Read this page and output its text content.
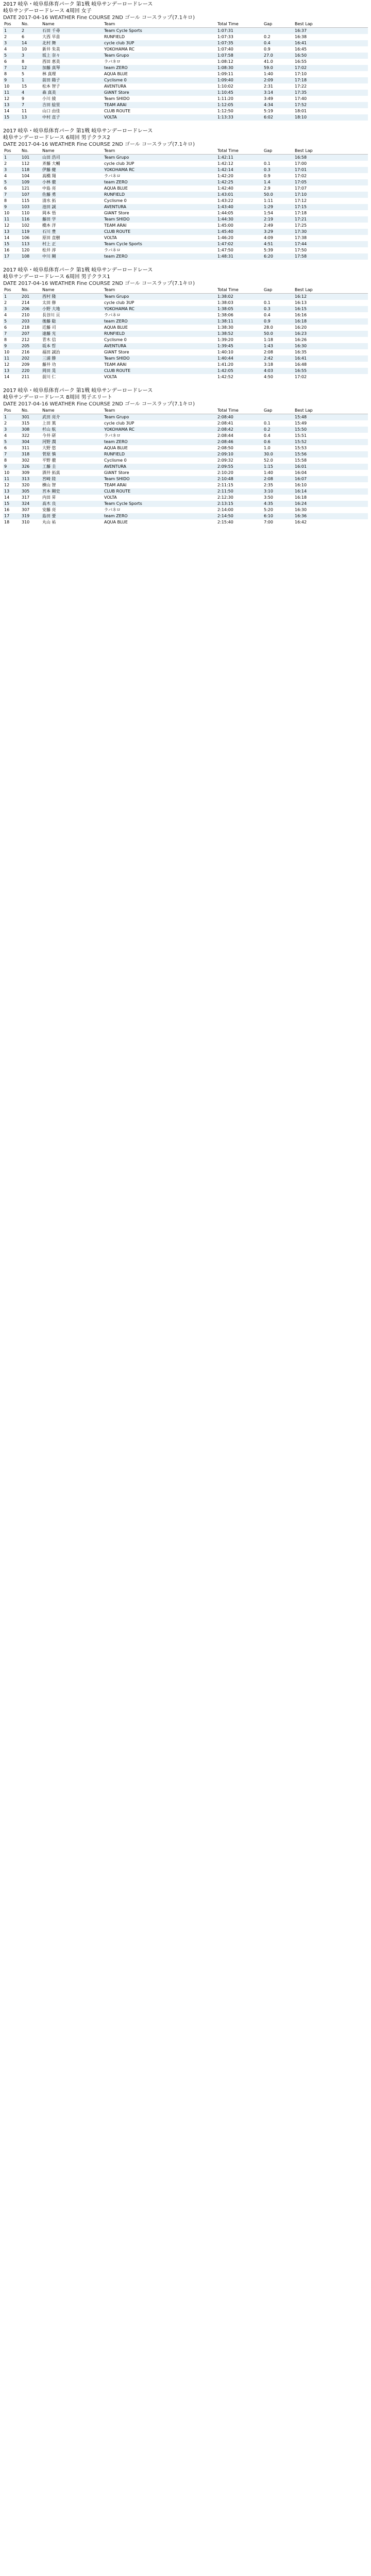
2017 岐阜・岐阜県体育パーク 第1戦 岐阜サンデーロードレース
岐阜サンデーロードレース 4周回 女子
DATE 2017-04-16 WEATHER Fine COURSE 2ND ゴール コースラップ(7.1キロ)
Pos	No.	Name	Team	Total Time	Gap	Best Lap
1	2	石田 千尋	Team Cycle Sports	1:07:31		16:37
2	6	大西 早苗	RUNFIELD	1:07:33	0.2	16:38
3	14	北村 舞	cycle club 3UP	1:07:35	0.4	16:41
4	10	新井 朱美	YOKOHAMA RC	1:07:40	0.9	16:45
5	3	坂上 奈々	Team Grupo	1:07:58	27.0	16:50
6	8	西田 恵美	ラバネロ	1:08:12	41.0	16:55
7	12	加藤 真琴	team ZERO	1:08:30	59.0	17:02
8	5	林 真理	AQUA BLUE	1:09:11	1:40	17:10
9	1	前田 陽子	Cyclisme 0	1:09:40	2:09	17:18
10	15	松本 智子	AVENTURA	1:10:02	2:31	17:22
11	4	森 真美	GIANT Store	1:10:45	3:14	17:35
12	9	小川 綾	Team SHIDO	1:11:20	3:49	17:40
13	7	吉田 絵里	TEAM ARAI	1:12:05	4:34	17:52
14	11	山口 由佳	CLUB ROUTE	1:12:50	5:19	18:01
15	13	中村 直子	VOLTA	1:13:33	6:02	18:10
2017 岐阜・岐阜県体育パーク 第1戦 岐阜サンデーロードレース
岐阜サンデーロードレース 6周回 男子クラス2
DATE 2017-04-16 WEATHER Fine COURSE 2ND ゴール コースラップ(7.1キロ)
Pos	No.	Name	Team	Total Time	Gap	Best Lap
1	101	山田 浩司	Team Grupo	1:42:11		16:58
2	112	斉藤 大輔	cycle club 3UP	1:42:12	0.1	17:00
3	118	伊藤 健	YOKOHAMA RC	1:42:14	0.3	17:01
4	104	高橋 翔	ラバネロ	1:42:20	0.9	17:02
5	109	小林 徹	team ZERO	1:42:25	1.4	17:05
6	121	中島 亮	AQUA BLUE	1:42:40	2.9	17:07
7	107	佐藤 勇	RUNFIELD	1:43:01	50.0	17:10
8	115	清水 拓	Cyclisme 0	1:43:22	1:11	17:12
9	103	池田 誠	AVENTURA	1:43:40	1:29	17:15
10	110	岡本 悟	GIANT Store	1:44:05	1:54	17:18
11	116	藤田 学	Team SHIDO	1:44:30	2:19	17:21
12	102	橋本 洋	TEAM ARAI	1:45:00	2:49	17:25
13	119	石川 豊	CLUB ROUTE	1:45:40	3:29	17:30
14	106	原田 直樹	VOLTA	1:46:20	4:09	17:38
15	113	村上 正	Team Cycle Sports	1:47:02	4:51	17:44
16	120	松井 淳	ラバネロ	1:47:50	5:39	17:50
17	108	中川 剛	team ZERO	1:48:31	6:20	17:58
2017 岐阜・岐阜県体育パーク 第1戦 岐阜サンデーロードレース
岐阜サンデーロードレース 6周回 男子クラス1
DATE 2017-04-16 WEATHER Fine COURSE 2ND ゴール コースラップ(7.1キロ)
Pos	No.	Name	Team	Total Time	Gap	Best Lap
1	201	西村 隆	Team Grupo	1:38:02		16:12
2	214	太田 修	cycle club 3UP	1:38:03	0.1	16:13
3	206	小野 大地	YOKOHAMA RC	1:38:05	0.3	16:15
4	210	長谷川 亘	ラバネロ	1:38:06	0.4	16:16
5	203	後藤 聡	team ZERO	1:38:11	0.9	16:18
6	218	近藤 司	AQUA BLUE	1:38:30	28.0	16:20
7	207	遠藤 光	RUNFIELD	1:38:52	50.0	16:23
8	212	青木 信	Cyclisme 0	1:39:20	1:18	16:26
9	205	坂本 哲	AVENTURA	1:39:45	1:43	16:30
10	216	福田 誠治	GIANT Store	1:40:10	2:08	16:35
11	202	三浦 勝	Team SHIDO	1:40:44	2:42	16:41
12	209	藤井 功	TEAM ARAI	1:41:20	3:18	16:48
13	220	岡田 晃	CLUB ROUTE	1:42:05	4:03	16:55
14	211	前川 仁	VOLTA	1:42:52	4:50	17:02
2017 岐阜・岐阜県体育パーク 第1戦 岐阜サンデーロードレース
岐阜サンデーロードレース 8周回 男子エリート
DATE 2017-04-16 WEATHER Fine COURSE 2ND ゴール コースラップ(7.1キロ)
Pos	No.	Name	Team	Total Time	Gap	Best Lap
1	301	武田 亮介	Team Grupo	2:08:40		15:48
2	315	上田 篤	cycle club 3UP	2:08:41	0.1	15:49
3	308	杉山 航	YOKOHAMA RC	2:08:42	0.2	15:50
4	322	今井 研	ラバネロ	2:08:44	0.4	15:51
5	304	河野 潤	team ZERO	2:08:46	0.6	15:52
6	311	大野 悠	AQUA BLUE	2:08:50	1.0	15:53
7	318	菅原 慎	RUNFIELD	2:09:10	30.0	15:56
8	302	平野 徹	Cyclisme 0	2:09:32	52.0	15:58
9	326	工藤 圭	AVENTURA	2:09:55	1:15	16:01
10	309	酒井 拓真	GIANT Store	2:10:20	1:40	16:04
11	313	宮崎 陸	Team SHIDO	2:10:48	2:08	16:07
12	320	横山 智	TEAM ARAI	2:11:15	2:35	16:10
13	305	宮本 剛史	CLUB ROUTE	2:11:50	3:10	16:14
14	317	内田 昇	VOLTA	2:12:30	3:50	16:18
15	324	高木 良	Team Cycle Sports	2:13:15	4:35	16:24
16	307	安藤 亮	ラバネロ	2:14:00	5:20	16:30
17	319	島田 要	team ZERO	2:14:50	6:10	16:36
18	310	丸山 祐	AQUA BLUE	2:15:40	7:00	16:42
